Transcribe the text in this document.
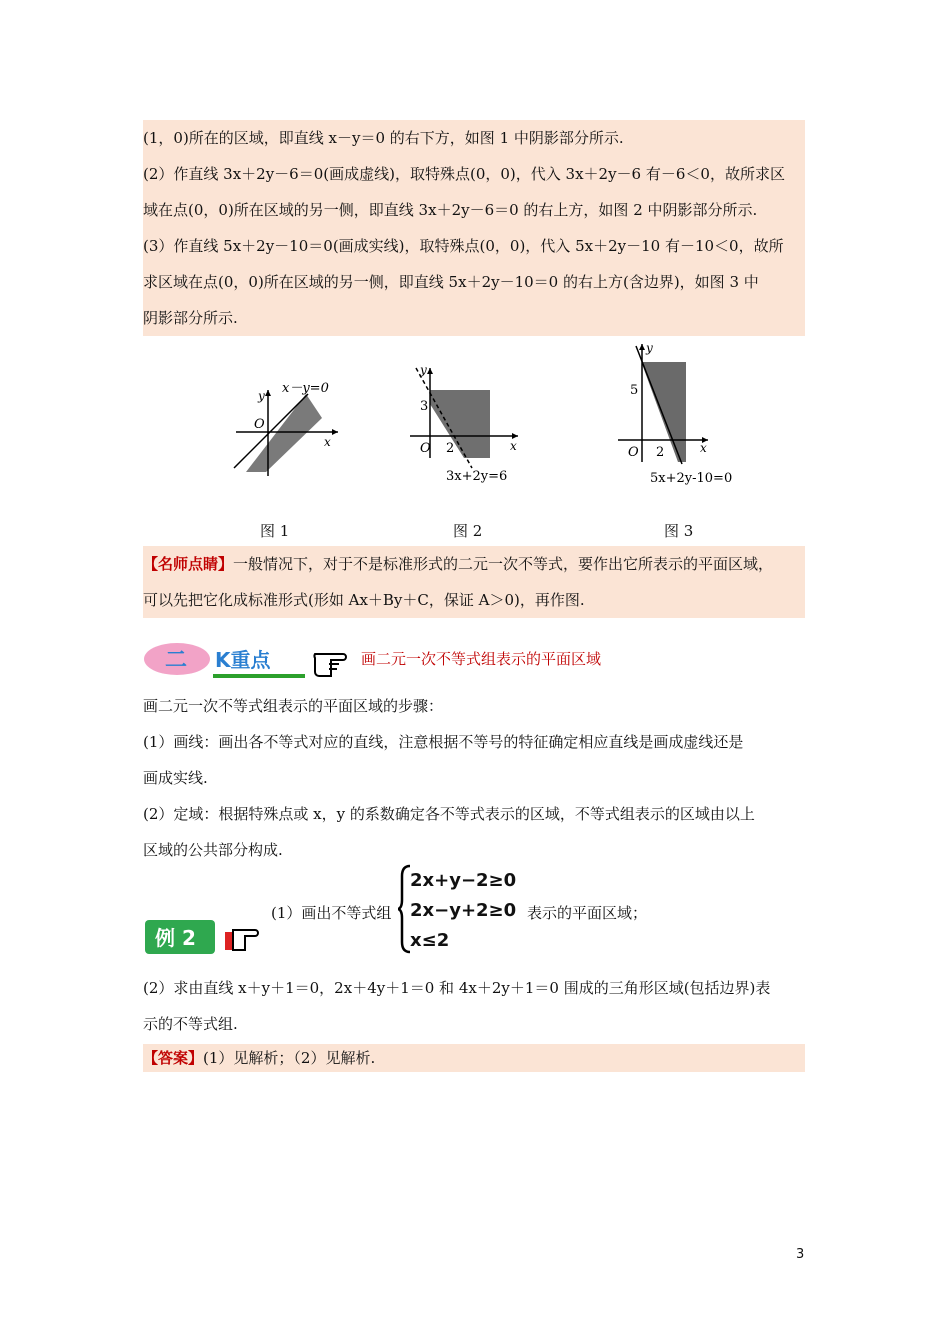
(1，0)所在的区域，即直线 x－y＝0 的右下方，如图 1 中阴影部分所示.
(2）作直线 3x＋2y－6＝0(画成虚线)，取特殊点(0，0)，代入 3x＋2y－6 有－6＜0，故所求区
域在点(0，0)所在区域的另一侧，即直线 3x＋2y－6＝0 的右上方，如图 2 中阴影部分所示.
(3）作直线 5x＋2y－10＝0(画成实线)，取特殊点(0，0)，代入 5x＋2y－10 有－10＜0，故所
求区域在点(0，0)所在区域的另一侧，即直线 5x＋2y－10＝0 的右上方(含边界)，如图 3 中
阴影部分所示.
x－y=0
O
y
x
y
3
O 2	x
3x+2y=6
y
5
O 2	x
5x+2y-10=0
图 1	图 2	图 3
【名师点睛】一般情况下，对于不是标准形式的二元一次不等式，要作出它所表示的平面区域，
可以先把它化成标准形式(形如 Ax＋By＋C，保证 A＞0)，再作图.
二 K重点	画二元一次不等式组表示的平面区域
画二元一次不等式组表示的平面区域的步骤：
(1）画线：画出各不等式对应的直线，注意根据不等号的特征确定相应直线是画成虚线还是
画成实线.
(2）定域：根据特殊点或 x，y 的系数确定各不等式表示的区域，不等式组表示的区域由以上
区域的公共部分构成.
例 2
(1）画出不等式组
2x+y−2≥0
2x−y+2≥0
x≤2
表示的平面区域；
(2）求由直线 x＋y＋1＝0，2x＋4y＋1＝0 和 4x＋2y＋1＝0 围成的三角形区域(包括边界)表
示的不等式组.
【答案】(1）见解析；（2）见解析.
3
